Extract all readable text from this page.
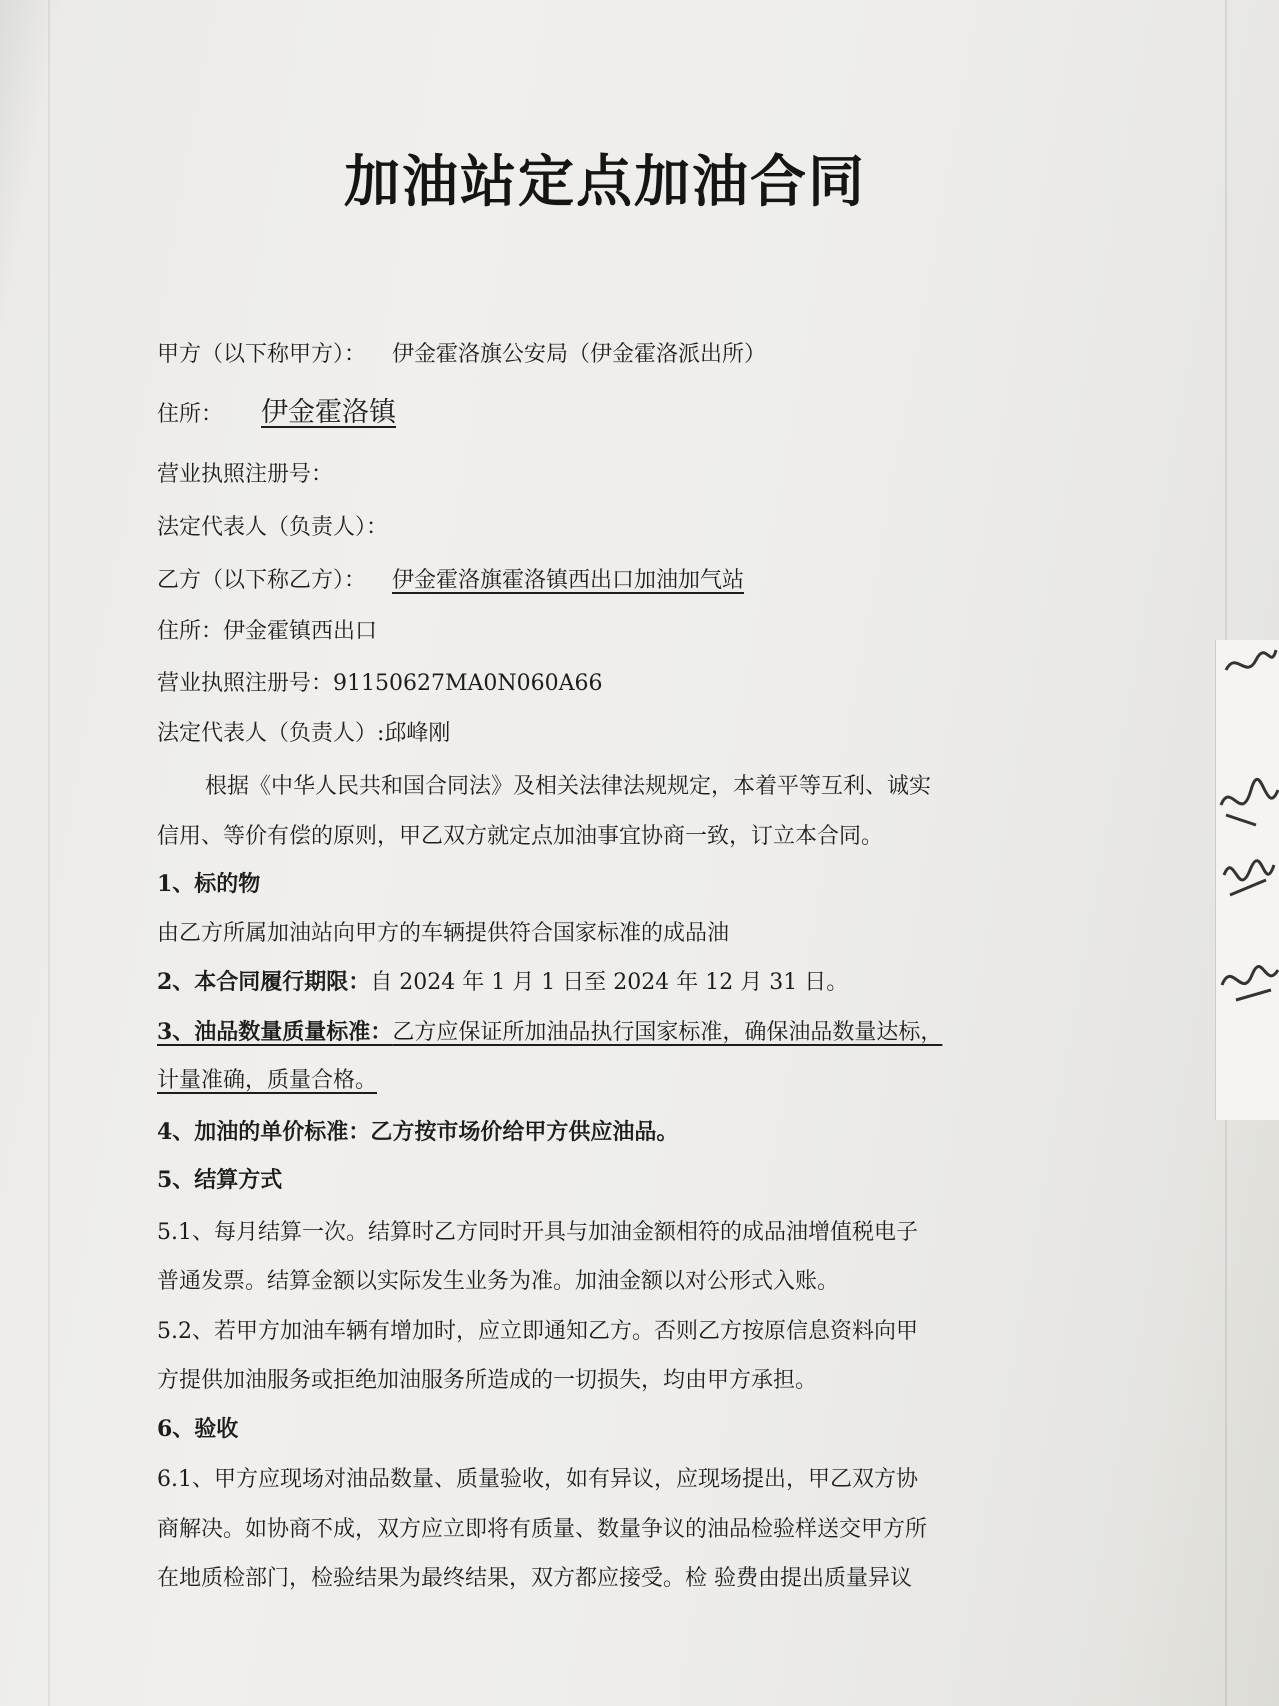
加油站定点加油合同
甲方（以下称甲方）： 伊金霍洛旗公安局（伊金霍洛派出所）
住所： 伊金霍洛镇
营业执照注册号：
法定代表人（负责人）：
乙方（以下称乙方）： 伊金霍洛旗霍洛镇西出口加油加气站
住所：伊金霍镇西出口
营业执照注册号：91150627MA0N060A66
法定代表人（负责人）:邱峰刚
根据《中华人民共和国合同法》及相关法律法规规定，本着平等互利、诚实
信用、等价有偿的原则，甲乙双方就定点加油事宜协商一致，订立本合同。
1、标的物
由乙方所属加油站向甲方的车辆提供符合国家标准的成品油
2、本合同履行期限：自 2024 年 1 月 1 日至 2024 年 12 月 31 日。
3、油品数量质量标准：乙方应保证所加油品执行国家标准，确保油品数量达标，
计量准确，质量合格。
4、加油的单价标准：乙方按市场价给甲方供应油品。
5、结算方式
5.1、每月结算一次。结算时乙方同时开具与加油金额相符的成品油增值税电子
普通发票。结算金额以实际发生业务为准。加油金额以对公形式入账。
5.2、若甲方加油车辆有增加时，应立即通知乙方。否则乙方按原信息资料向甲
方提供加油服务或拒绝加油服务所造成的一切损失，均由甲方承担。
6、验收
6.1、甲方应现场对油品数量、质量验收，如有异议，应现场提出，甲乙双方协
商解决。如协商不成，双方应立即将有质量、数量争议的油品检验样送交甲方所
在地质检部门，检验结果为最终结果，双方都应接受。检 验费由提出质量异议
